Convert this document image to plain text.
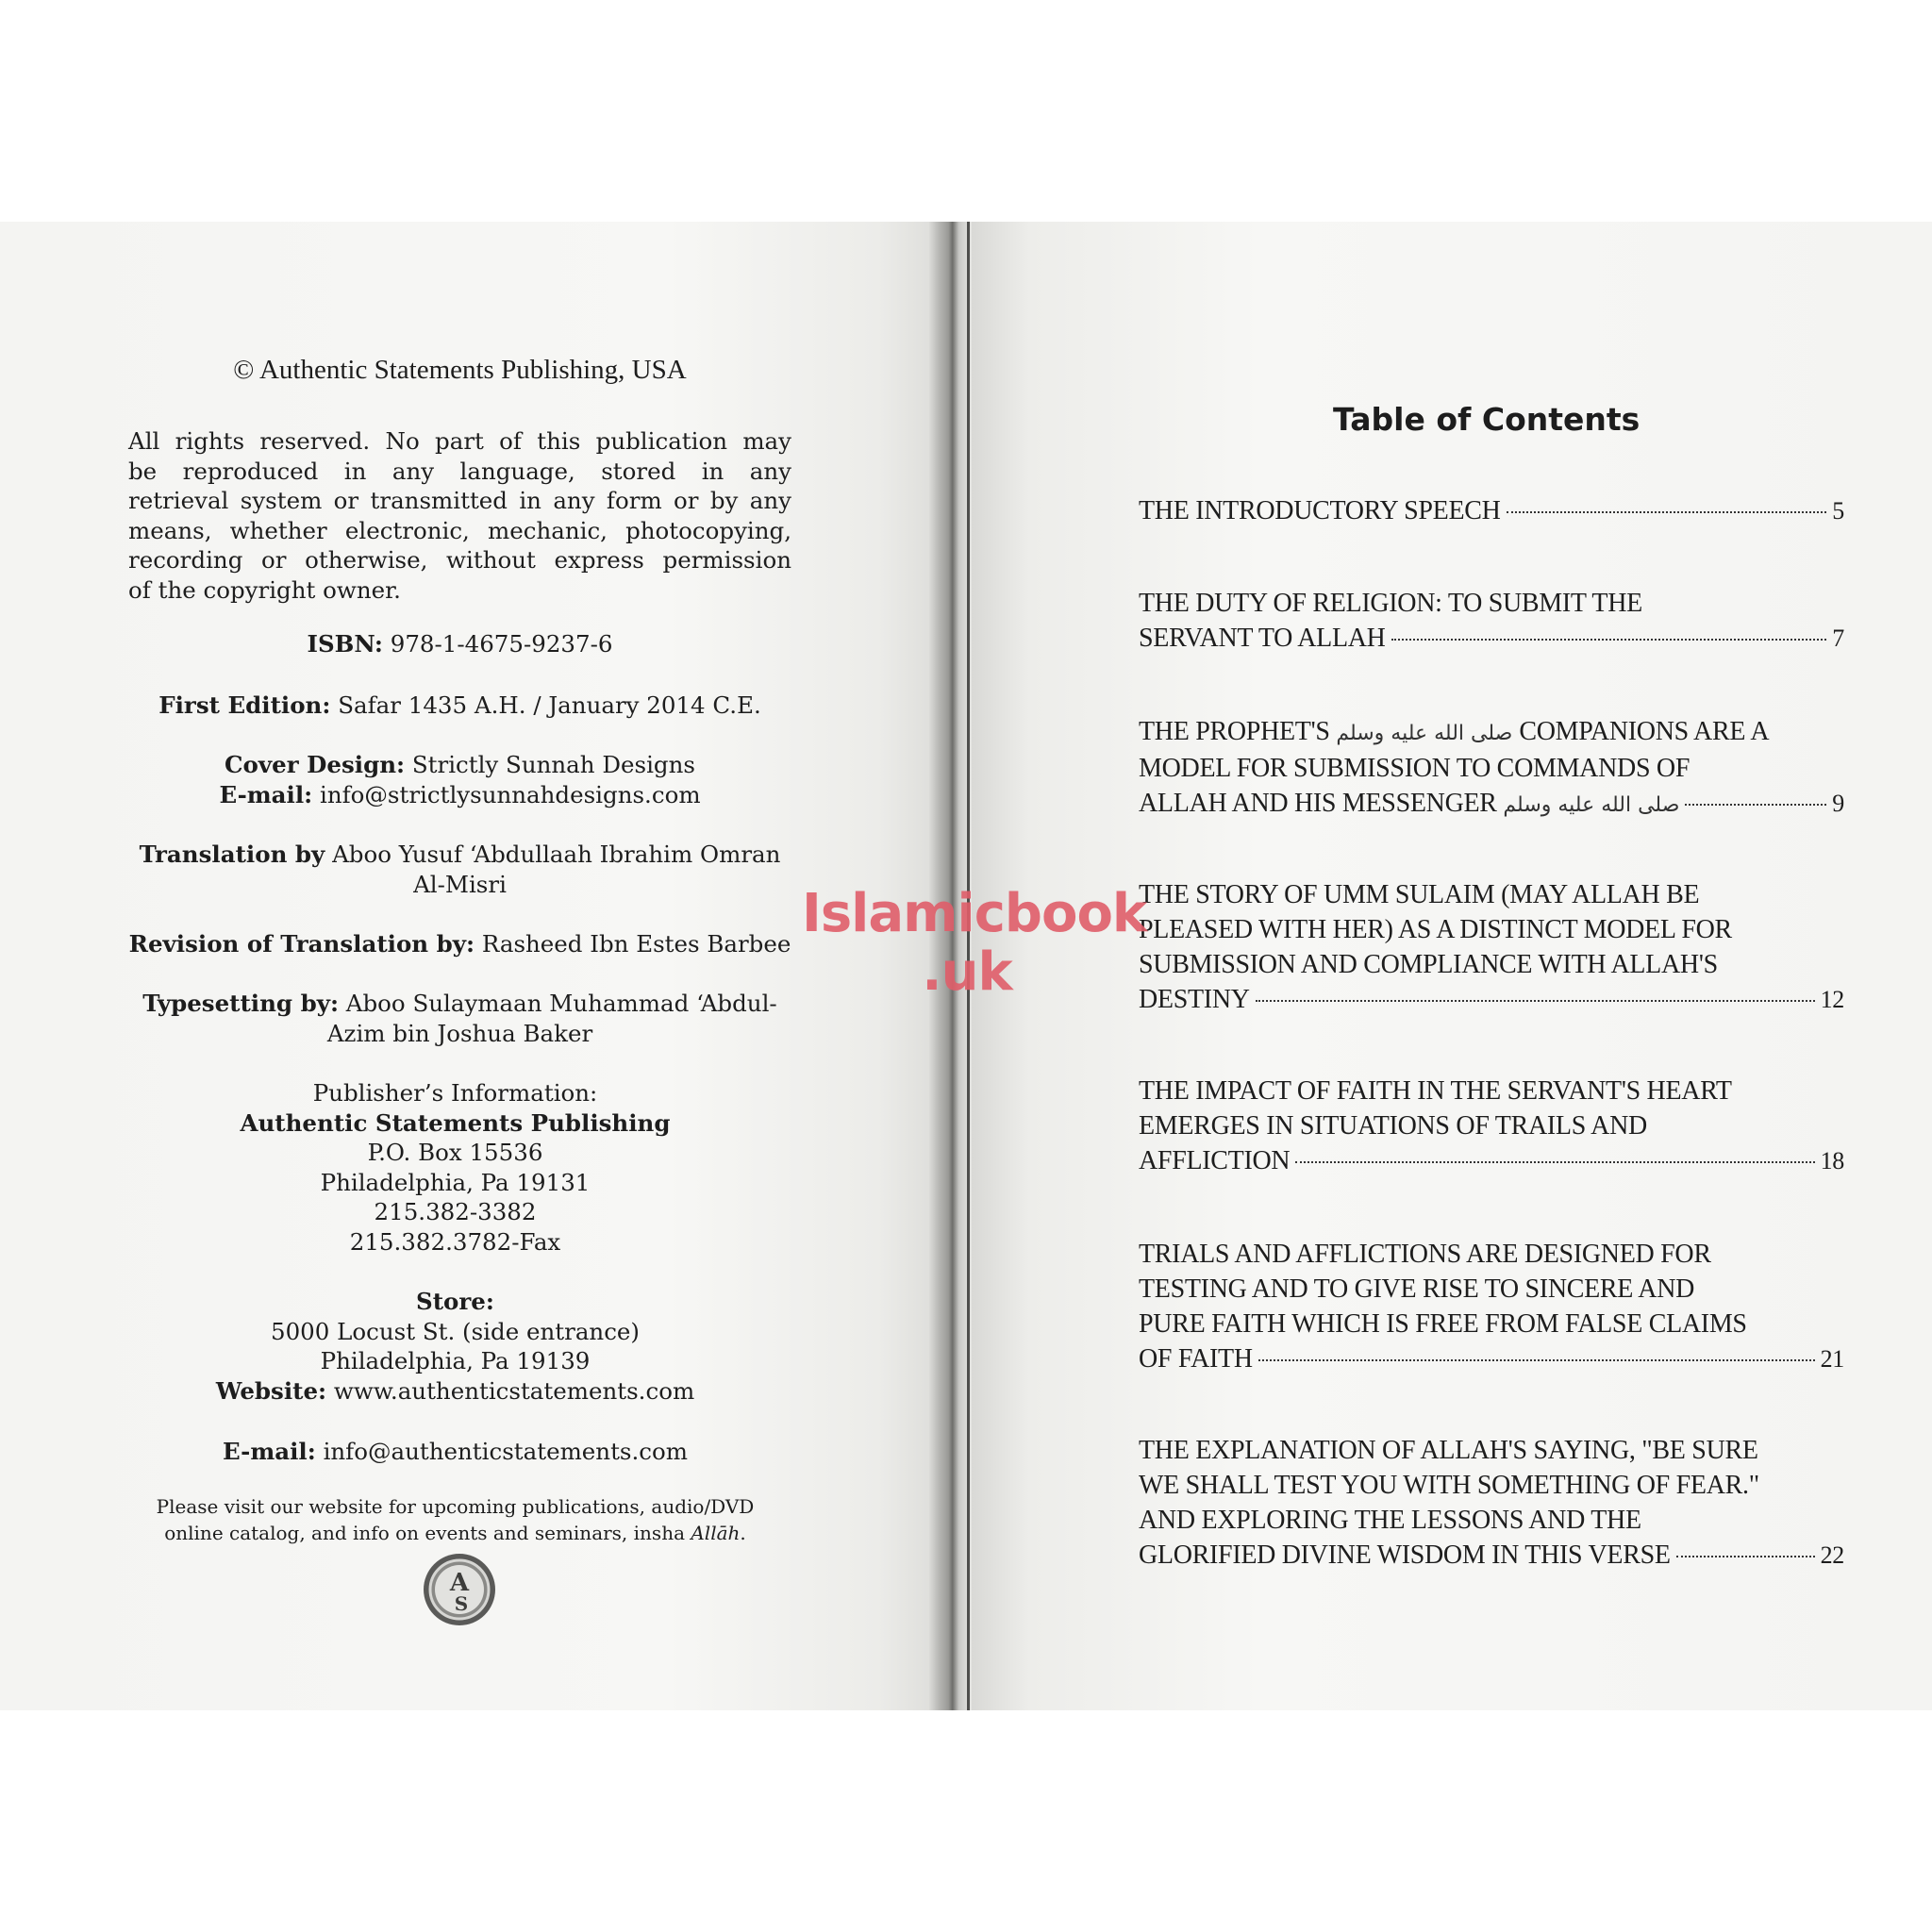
© Authentic Statements Publishing, USA
All rights reserved. No part of this publication may
be reproduced in any language, stored in any
retrieval system or transmitted in any form or by any
means, whether electronic, mechanic, photocopying,
recording or otherwise, without express permission
of the copyright owner.
ISBN: 978-1-4675-9237-6
First Edition: Safar 1435 A.H. / January 2014 C.E.
Cover Design: Strictly Sunnah Designs
E-mail: info@strictlysunnahdesigns.com
Translation by Aboo Yusuf ‘Abdullaah Ibrahim Omran
Al-Misri
Revision of Translation by: Rasheed Ibn Estes Barbee
Typesetting by: Aboo Sulaymaan Muhammad ‘Abdul-
Azim bin Joshua Baker
Publisher’s Information:
Authentic Statements Publishing
P.O. Box 15536
Philadelphia, Pa 19131
215.382-3382
215.382.3782-Fax
Store:
5000 Locust St. (side entrance)
Philadelphia, Pa 19139
Website: www.authenticstatements.com
E-mail: info@authenticstatements.com
Please visit our website for upcoming publications, audio/DVD
online catalog, and info on events and seminars, insha Allāh.
Table of Contents
THE INTRODUCTORY SPEECH	5
THE DUTY OF RELIGION: TO SUBMIT THE
SERVANT TO ALLAH	7
THE PROPHET'S صلى الله عليه وسلم COMPANIONS ARE A
MODEL FOR SUBMISSION TO COMMANDS OF
ALLAH AND HIS MESSENGER
صلى الله عليه وسلم	9
THE STORY OF UMM SULAIM (MAY ALLAH BE
PLEASED WITH HER) AS A DISTINCT MODEL FOR
SUBMISSION AND COMPLIANCE WITH ALLAH'S
DESTINY	12
THE IMPACT OF FAITH IN THE SERVANT'S HEART
EMERGES IN SITUATIONS OF TRAILS AND
AFFLICTION	18
TRIALS AND AFFLICTIONS ARE DESIGNED FOR
TESTING AND TO GIVE RISE TO SINCERE AND
PURE FAITH WHICH IS FREE FROM FALSE CLAIMS
OF FAITH	21
THE EXPLANATION OF ALLAH'S SAYING, "BE SURE
WE SHALL TEST YOU WITH SOMETHING OF FEAR."
AND EXPLORING THE LESSONS AND THE
GLORIFIED DIVINE WISDOM IN THIS VERSE	22
A
S
Islamicbook
.uk
